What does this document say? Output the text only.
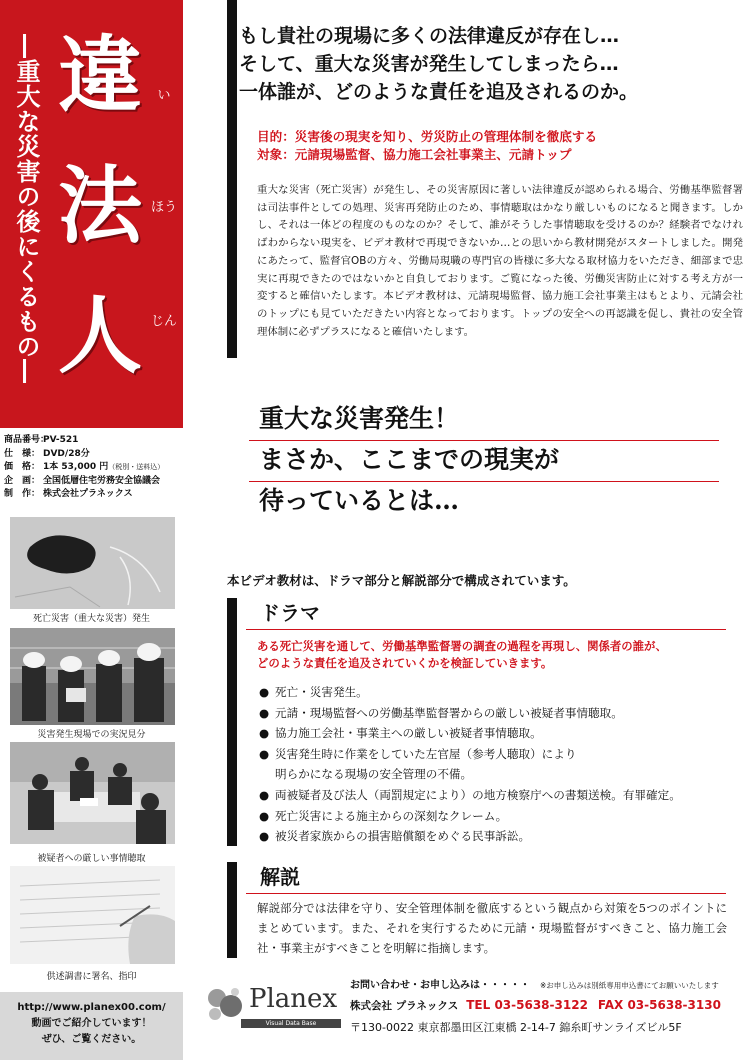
―重大な災害の後にくるもの― 違
法
人
い
ほう
じん
商品番号：
PV-521
仕　様： DVD/28分
価　格： 1本 53,000 円 （税別・送料込）
企　画： 全国低層住宅労務安全協議会
制　作： 株式会社プラネックス
死亡災害（重大な災害）発生
災害発生現場での実況見分
被疑者への厳しい事情聴取
供述調書に署名、指印
http://www.planex00.com/
動画でご紹介しています！
ぜひ、ご覧ください。
もし貴社の現場に多くの法律違反が存在し…
そして、重大な災害が発生してしまったら…
一体誰が、どのような責任を追及されるのか。
目的：災害後の現実を知り、労災防止の管理体制を徹底する
対象：元請現場監督、協力施工会社事業主、元請トップ
重大な災害（死亡災害）が発生し、その災害原因に著しい法律違反が認められる場合、労働基準監督署は司法事件としての処理、災害再発防止のため、事情聴取はかなり厳しいものになると聞きます。しかし、それは一体どの程度のものなのか？そして、誰がそうした事情聴取を受けるのか？経験者でなければわからない現実を、ビデオ教材で再現できないか…との思いから教材開発がスタートしました。開発にあたって、監督官OBの方々、労働局現職の専門官の皆様に多大なる取材協力をいただき、細部まで忠実に再現できたのではないかと自負しております。ご覧になった後、労働災害防止に対する考え方が一変すると確信いたします。本ビデオ教材は、元請現場監督、協力施工会社事業主はもとより、元請会社のトップにも見ていただきたい内容となっております。トップの安全への再認識を促し、貴社の安全管理体制に必ずプラスになると確信いたします。
重大な災害発生！
まさか、ここまでの現実が
待っているとは…
本ビデオ教材は、ドラマ部分と解説部分で構成されています。
ドラマ
ある死亡災害を通して、労働基準監督署の調査の過程を再現し、関係者の誰が、
どのような責任を追及されていくかを検証していきます。
● 死亡・災害発生。
● 元請・現場監督への労働基準監督署からの厳しい被疑者事情聴取。
● 協力施工会社・事業主への厳しい被疑者事情聴取。
● 災害発生時に作業をしていた左官屋（参考人聴取）により
明らかになる現場の安全管理の不備。
● 両被疑者及び法人（両罰規定により）の地方検察庁への書類送検。有罪確定。
● 死亡災害による施主からの深刻なクレーム。
● 被災者家族からの損害賠償額をめぐる民事訴訟。
解説
解説部分では法律を守り、安全管理体制を徹底するという観点から対策を5つのポイントにまとめています。また、それを実行するために元請・現場監督がすべきこと、協力施工会社・事業主がすべきことを明解に指摘します。
Planex
Visual Data Base
お問い合わせ・お申し込みは・・・・・ ※お申し込みは別紙専用申込書にてお願いいたします
株式会社 プラネックス TEL 03-5638-3122 FAX 03-5638-3130
〒130-0022 東京都墨田区江東橋 2-14-7 錦糸町サンライズビル5F
